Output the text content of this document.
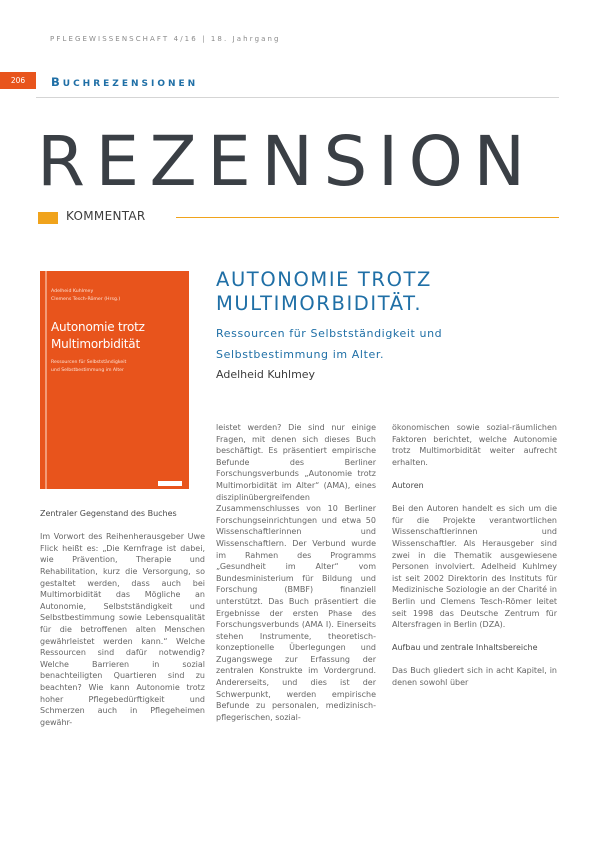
PFLEGEWISSENSCHAFT 4/16 | 18. Jahrgang
206	BUCHREZENSIONEN
REZENSION
KOMMENTAR
Adelheid Kuhlmey
Clemens Tesch-Römer (Hrsg.)
Autonomie trotz
Multimorbidität
Ressourcen für Selbstständigkeit
und Selbstbestimmung im Alter
AUTONOMIE TROTZ
MULTIMORBIDITÄT.
Ressourcen für Selbstständigkeit und
Selbstbestimmung im Alter.
Adelheid Kuhlmey

Zentraler Gegenstand des Buches

Im Vorwort des Reihenherausgeber Uwe Flick heißt es: „Die Kernfrage ist dabei, wie Prävention, Therapie und Rehabilitation, kurz die Versorgung, so gestaltet werden, dass auch bei Multimorbidität das Mögliche an Autonomie, Selbstständigkeit und Selbstbestimmung sowie Lebensqualität für die betroffenen alten Menschen gewährleistet werden kann.“ Welche Ressourcen sind dafür notwendig? Welche Barrieren in sozial benachteiligten Quartieren sind zu beachten? Wie kann Autonomie trotz hoher Pflegebedürftigkeit und Schmerzen auch in Pflegeheimen gewähr-

leistet werden? Die sind nur einige Fragen, mit denen sich dieses Buch beschäftigt. Es präsentiert empirische Befunde des Berliner Forschungsverbunds „Autonomie trotz Multimorbidität im Alter“ (AMA), eines disziplinübergreifenden Zusammenschlusses von 10 Berliner Forschungseinrichtungen und etwa 50 Wissenschaftlerinnen und Wissenschaftlern. Der Verbund wurde im Rahmen des Programms „Gesundheit im Alter“ vom Bundesministerium für Bildung und Forschung (BMBF) finanziell unterstützt. Das Buch präsentiert die Ergebnisse der ersten Phase des Forschungsverbunds (AMA I). Einerseits stehen Instrumente, theoretisch-konzeptionelle Überlegungen und Zugangswege zur Erfassung der zentralen Konstrukte im Vordergrund. Andererseits, und dies ist der Schwerpunkt, werden empirische Befunde zu personalen, medizinisch-pflegerischen, sozial-

ökonomischen sowie sozial-räumlichen Faktoren berichtet, welche Autonomie trotz Multimorbidität weiter aufrecht erhalten.

Autoren

Bei den Autoren handelt es sich um die für die Projekte verantwortlichen Wissenschaftlerinnen und Wissenschaftler. Als Herausgeber sind zwei in die Thematik ausgewiesene Personen involviert. Adelheid Kuhlmey ist seit 2002 Direktorin des Instituts für Medizinische Soziologie an der Charité in Berlin und Clemens Tesch-Römer leitet seit 1998 das Deutsche Zentrum für Altersfragen in Berlin (DZA).

Aufbau und zentrale Inhaltsbereiche

Das Buch gliedert sich in acht Kapitel, in denen sowohl über
